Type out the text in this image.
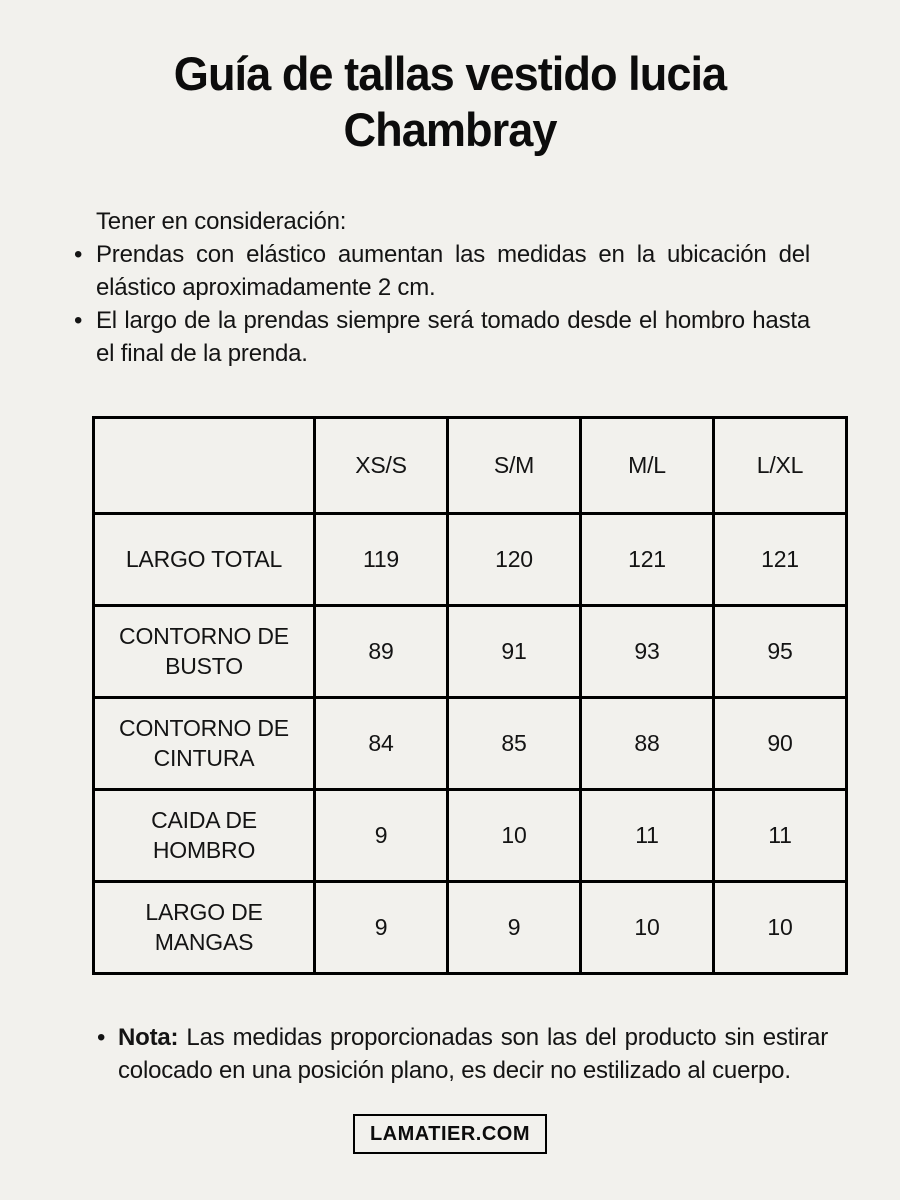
Guía de tallas vestido lucia
Chambray

Tener en consideración:

• Prendas con elástico aumentan las medidas en la ubicación del elástico aproximadamente 2 cm.
• El largo de la prendas siempre será tomado desde el hombro hasta el final de la prenda.
	XS/S	S/M	M/L	L/XL
LARGO TOTAL	119	120	121	121
CONTORNO DE BUSTO	89	91	93	95
CONTORNO DE CINTURA	84	85	88	90
CAIDA DE HOMBRO	9	10	11	11
LARGO DE MANGAS	9	9	10	10
• Nota: Las medidas proporcionadas son las del producto sin estirar colocado en una posición plano, es decir no estilizado al cuerpo.
LAMATIER.COM
